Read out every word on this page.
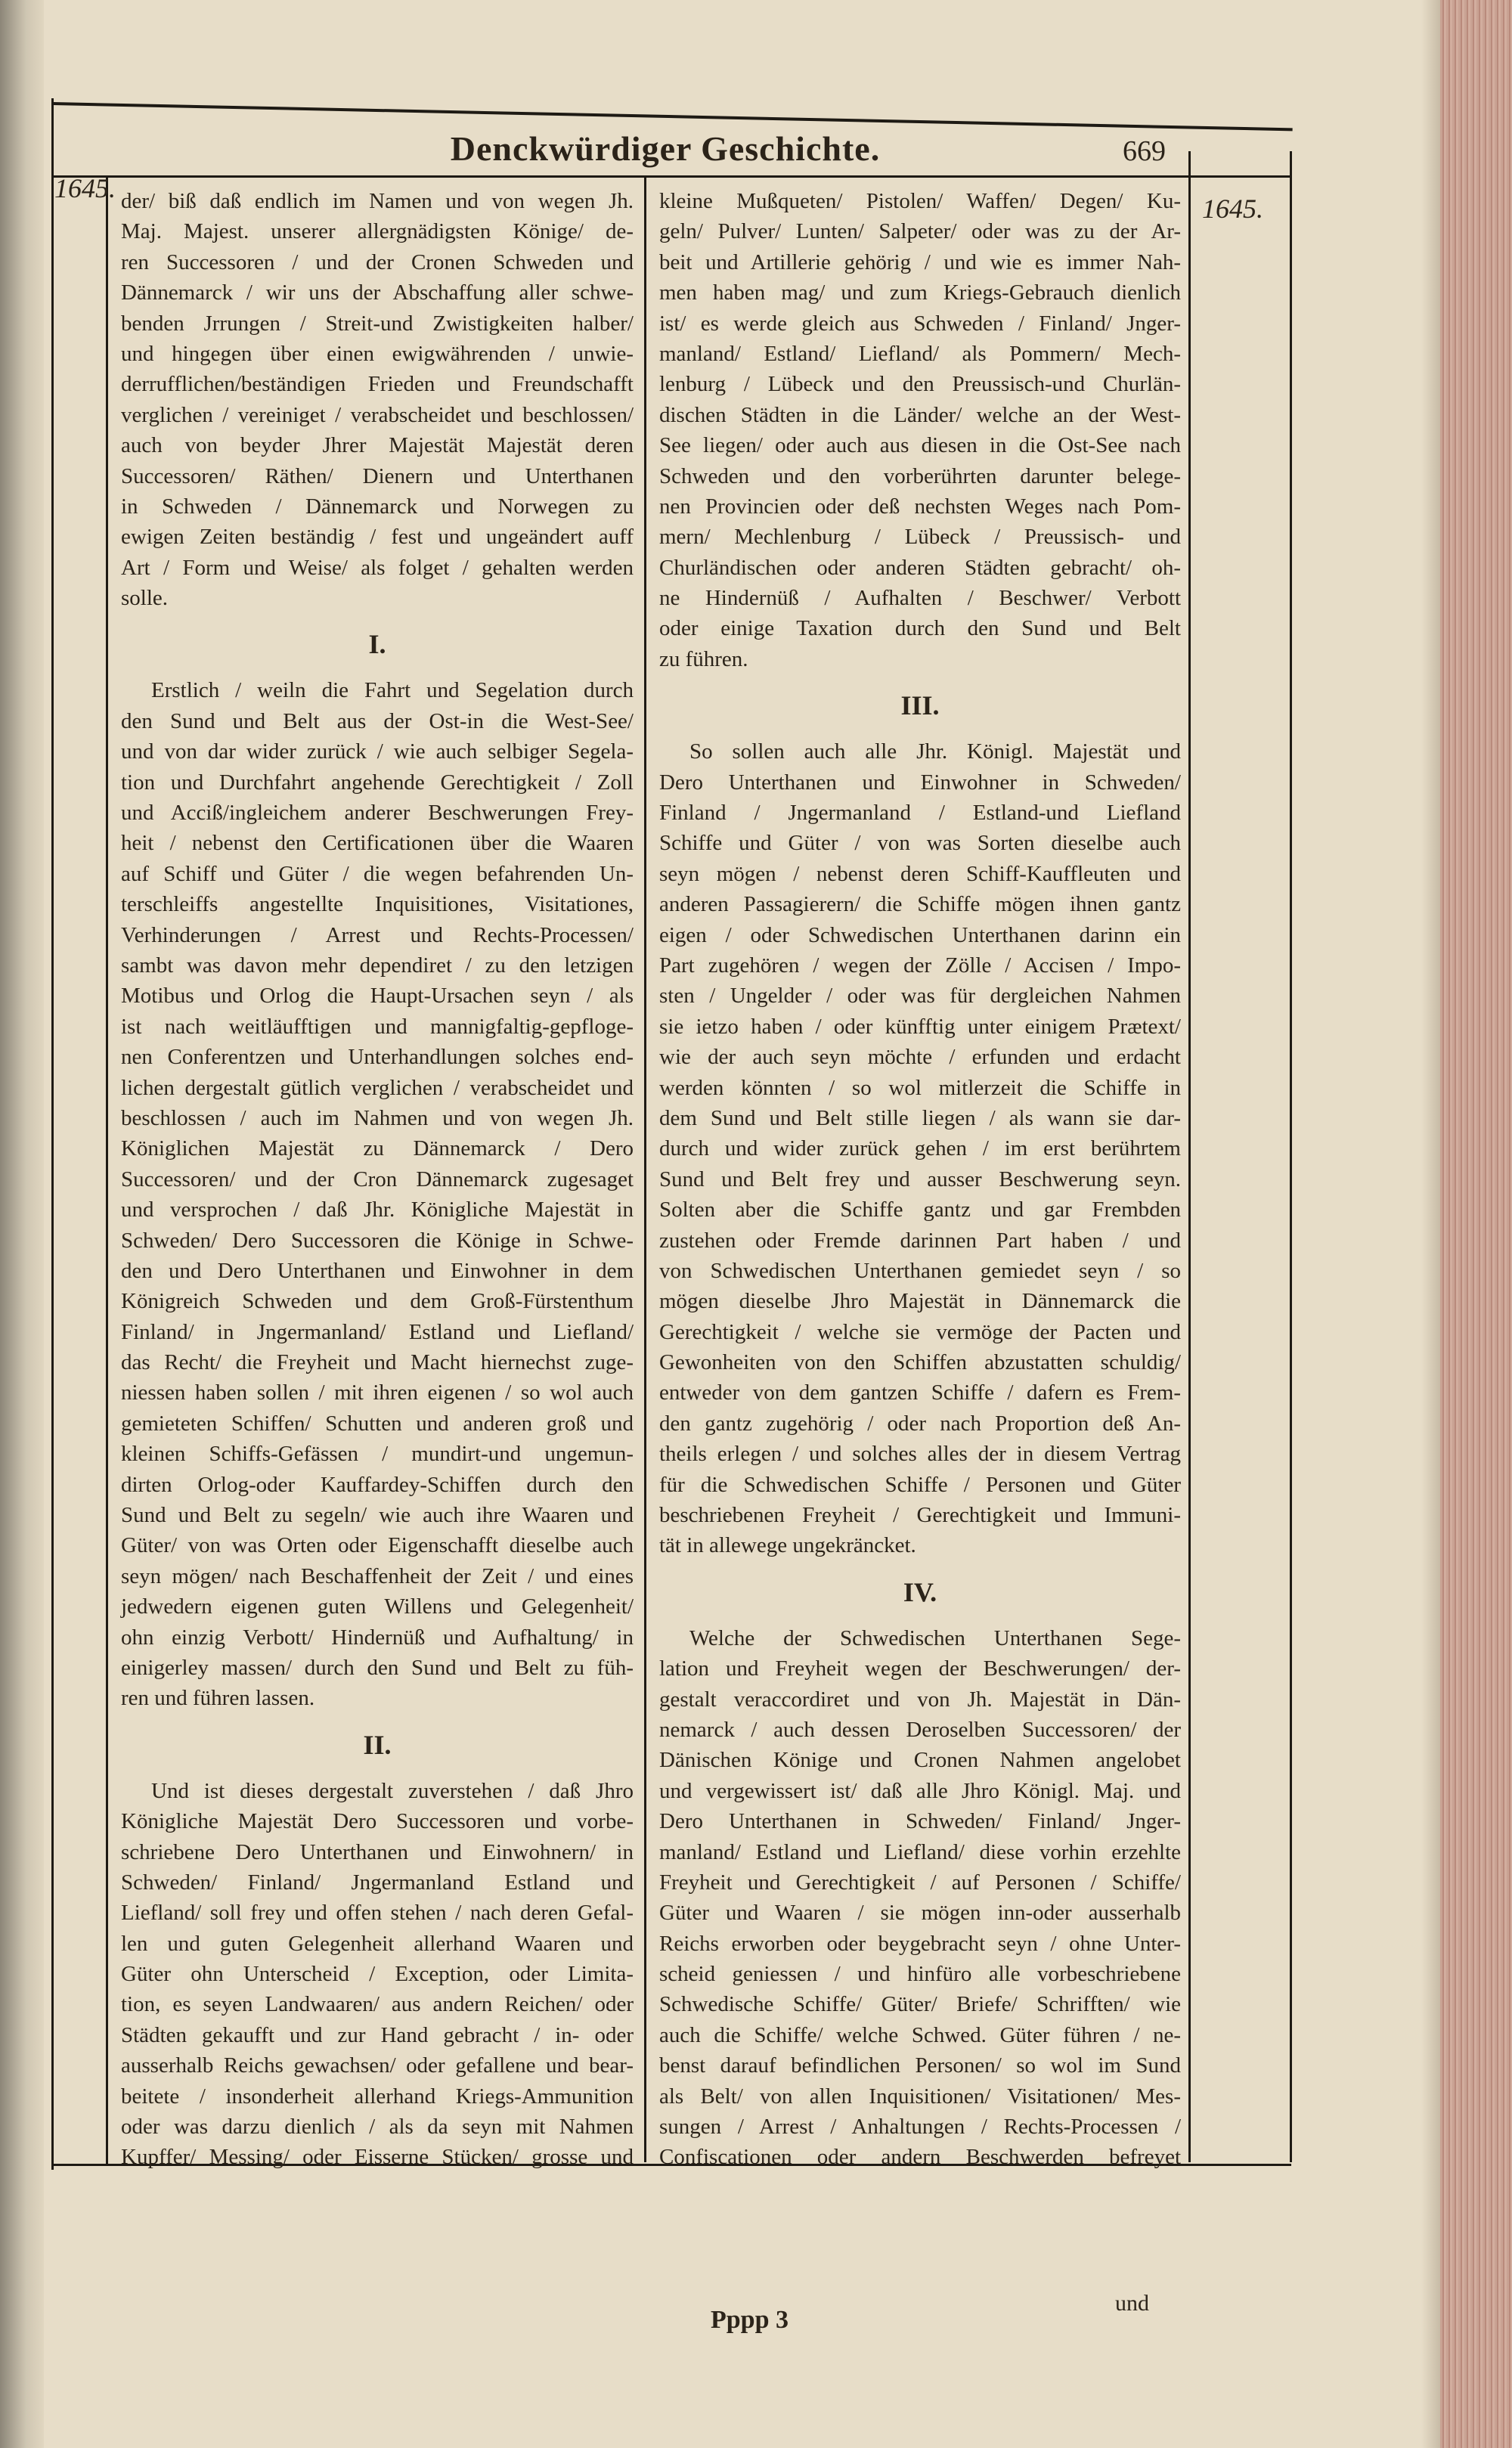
Denckwürdiger Geschichte.	669
1645.
1645.
der/ biß daß endlich im Namen und von wegen Jh.
Maj. Majest. unserer allergnädigsten Könige/ de-
ren Successoren / und der Cronen Schweden und
Dännemarck / wir uns der Abschaffung aller schwe-
benden Jrrungen / Streit-und Zwistigkeiten halber/
und hingegen über einen ewigwährenden / unwie-
derrufflichen/beständigen Frieden und Freundschafft
verglichen / vereiniget / verabscheidet und beschlossen/
auch von beyder Jhrer Majestät Majestät deren
Successoren/ Räthen/ Dienern und Unterthanen
in Schweden / Dännemarck und Norwegen zu
ewigen Zeiten beständig / fest und ungeändert auff
Art / Form und Weise/ als folget / gehalten werden
solle.
I.
Erstlich / weiln die Fahrt und Segelation durch
den Sund und Belt aus der Ost-in die West-See/
und von dar wider zurück / wie auch selbiger Segela-
tion und Durchfahrt angehende Gerechtigkeit / Zoll
und Acciß/ingleichem anderer Beschwerungen Frey-
heit / nebenst den Certificationen über die Waaren
auf Schiff und Güter / die wegen befahrenden Un-
terschleiffs angestellte Inquisitiones, Visitationes,
Verhinderungen / Arrest und Rechts-Processen/
sambt was davon mehr dependiret / zu den letzigen
Motibus und Orlog die Haupt-Ursachen seyn / als
ist nach weitläufftigen und mannigfaltig-gepfloge-
nen Conferentzen und Unterhandlungen solches end-
lichen dergestalt gütlich verglichen / verabscheidet und
beschlossen / auch im Nahmen und von wegen Jh.
Königlichen Majestät zu Dännemarck / Dero
Successoren/ und der Cron Dännemarck zugesaget
und versprochen / daß Jhr. Königliche Majestät in
Schweden/ Dero Successoren die Könige in Schwe-
den und Dero Unterthanen und Einwohner in dem
Königreich Schweden und dem Groß-Fürstenthum
Finland/ in Jngermanland/ Estland und Liefland/
das Recht/ die Freyheit und Macht hiernechst zuge-
niessen haben sollen / mit ihren eigenen / so wol auch
gemieteten Schiffen/ Schutten und anderen groß und
kleinen Schiffs-Gefässen / mundirt-und ungemun-
dirten Orlog-oder Kauffardey-Schiffen durch den
Sund und Belt zu segeln/ wie auch ihre Waaren und
Güter/ von was Orten oder Eigenschafft dieselbe auch
seyn mögen/ nach Beschaffenheit der Zeit / und eines
jedwedern eigenen guten Willens und Gelegenheit/
ohn einzig Verbott/ Hindernüß und Aufhaltung/ in
einigerley massen/ durch den Sund und Belt zu füh-
ren und führen lassen.
II.
Und ist dieses dergestalt zuverstehen / daß Jhro
Königliche Majestät Dero Successoren und vorbe-
schriebene Dero Unterthanen und Einwohnern/ in
Schweden/ Finland/ Jngermanland Estland und
Liefland/ soll frey und offen stehen / nach deren Gefal-
len und guten Gelegenheit allerhand Waaren und
Güter ohn Unterscheid / Exception, oder Limita-
tion, es seyen Landwaaren/ aus andern Reichen/ oder
Städten gekaufft und zur Hand gebracht / in- oder
ausserhalb Reichs gewachsen/ oder gefallene und bear-
beitete / insonderheit allerhand Kriegs-Ammunition
oder was darzu dienlich / als da seyn mit Nahmen
Kupffer/ Messing/ oder Eisserne Stücken/ grosse und
kleine Mußqueten/ Pistolen/ Waffen/ Degen/ Ku-
geln/ Pulver/ Lunten/ Salpeter/ oder was zu der Ar-
beit und Artillerie gehörig / und wie es immer Nah-
men haben mag/ und zum Kriegs-Gebrauch dienlich
ist/ es werde gleich aus Schweden / Finland/ Jnger-
manland/ Estland/ Liefland/ als Pommern/ Mech-
lenburg / Lübeck und den Preussisch-und Churlän-
dischen Städten in die Länder/ welche an der West-
See liegen/ oder auch aus diesen in die Ost-See nach
Schweden und den vorberührten darunter belege-
nen Provincien oder deß nechsten Weges nach Pom-
mern/ Mechlenburg / Lübeck / Preussisch- und
Churländischen oder anderen Städten gebracht/ oh-
ne Hindernüß / Aufhalten / Beschwer/ Verbott
oder einige Taxation durch den Sund und Belt
zu führen.
III.
So sollen auch alle Jhr. Königl. Majestät und
Dero Unterthanen und Einwohner in Schweden/
Finland / Jngermanland / Estland-und Liefland
Schiffe und Güter / von was Sorten dieselbe auch
seyn mögen / nebenst deren Schiff-Kauffleuten und
anderen Passagierern/ die Schiffe mögen ihnen gantz
eigen / oder Schwedischen Unterthanen darinn ein
Part zugehören / wegen der Zölle / Accisen / Impo-
sten / Ungelder / oder was für dergleichen Nahmen
sie ietzo haben / oder künfftig unter einigem Prætext/
wie der auch seyn möchte / erfunden und erdacht
werden könnten / so wol mitlerzeit die Schiffe in
dem Sund und Belt stille liegen / als wann sie dar-
durch und wider zurück gehen / im erst berührtem
Sund und Belt frey und ausser Beschwerung seyn.
Solten aber die Schiffe gantz und gar Frembden
zustehen oder Fremde darinnen Part haben / und
von Schwedischen Unterthanen gemiedet seyn / so
mögen dieselbe Jhro Majestät in Dännemarck die
Gerechtigkeit / welche sie vermöge der Pacten und
Gewonheiten von den Schiffen abzustatten schuldig/
entweder von dem gantzen Schiffe / dafern es Frem-
den gantz zugehörig / oder nach Proportion deß An-
theils erlegen / und solches alles der in diesem Vertrag
für die Schwedischen Schiffe / Personen und Güter
beschriebenen Freyheit / Gerechtigkeit und Immuni-
tät in allewege ungekräncket.
IV.
Welche der Schwedischen Unterthanen Sege-
lation und Freyheit wegen der Beschwerungen/ der-
gestalt veraccordiret und von Jh. Majestät in Dän-
nemarck / auch dessen Deroselben Successoren/ der
Dänischen Könige und Cronen Nahmen angelobet
und vergewissert ist/ daß alle Jhro Königl. Maj. und
Dero Unterthanen in Schweden/ Finland/ Jnger-
manland/ Estland und Liefland/ diese vorhin erzehlte
Freyheit und Gerechtigkeit / auf Personen / Schiffe/
Güter und Waaren / sie mögen inn-oder ausserhalb
Reichs erworben oder beygebracht seyn / ohne Unter-
scheid geniessen / und hinfüro alle vorbeschriebene
Schwedische Schiffe/ Güter/ Briefe/ Schrifften/ wie
auch die Schiffe/ welche Schwed. Güter führen / ne-
benst darauf befindlichen Personen/ so wol im Sund
als Belt/ von allen Inquisitionen/ Visitationen/ Mes-
sungen / Arrest / Anhaltungen / Rechts-Processen /
Confiscationen oder andern Beschwerden befreyet
und
Pppp 3
